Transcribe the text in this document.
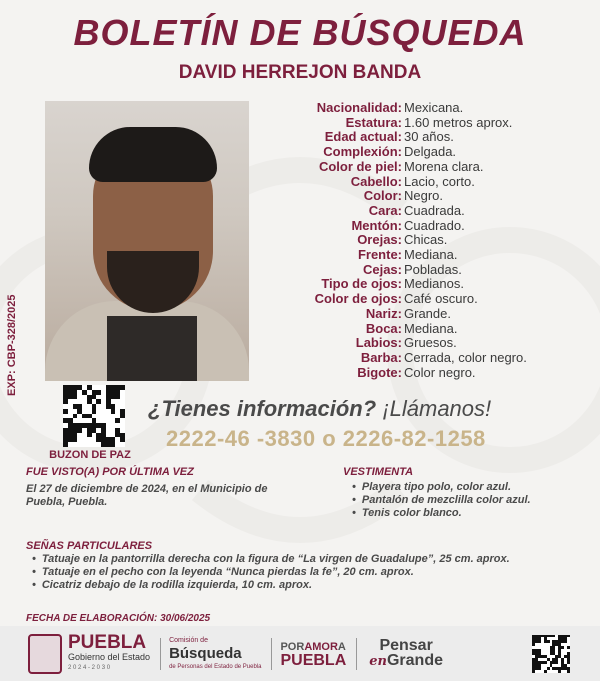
BOLETÍN DE BÚSQUEDA
DAVID HERREJON BANDA
EXP: CBP-328/2025
Nacionalidad: Mexicana.
Estatura: 1.60 metros aprox.
Edad actual: 30 años.
Complexión: Delgada.
Color de piel: Morena clara.
Cabello: Lacio, corto.
Color: Negro.
Cara: Cuadrada.
Mentón: Cuadrado.
Orejas: Chicas.
Frente: Mediana.
Cejas: Pobladas.
Tipo de ojos: Medianos.
Color de ojos: Café oscuro.
Nariz: Grande.
Boca: Mediana.
Labios: Gruesos.
Barba: Cerrada, color negro.
Bigote: Color negro.
BUZON DE PAZ
¿Tienes información? ¡Llámanos!
2222-46 -3830 o 2226-82-1258
FUE VISTO(A) POR ÚLTIMA VEZ
El 27 de diciembre de 2024, en el Municipio de
Puebla, Puebla.
VESTIMENTA
• Playera tipo polo, color azul.
• Pantalón de mezclilla color azul.
• Tenis color blanco.
SEÑAS PARTICULARES
• Tatuaje en la pantorrilla derecha con la figura de “La virgen de Guadalupe”, 25 cm. aprox.
• Tatuaje en el pecho con la leyenda “Nunca pierdas la fe”, 20 cm. aprox.
• Cicatriz debajo de la rodilla izquierda, 10 cm. aprox.
FECHA DE ELABORACIÓN: 30/06/2025
PUEBLA
Gobierno del Estado
2 0 2 4 - 2 0 3 0
Comisión de
Búsqueda
de Personas del Estado de Puebla
PORAMORA
PUEBLA
Pensar
enGrande
